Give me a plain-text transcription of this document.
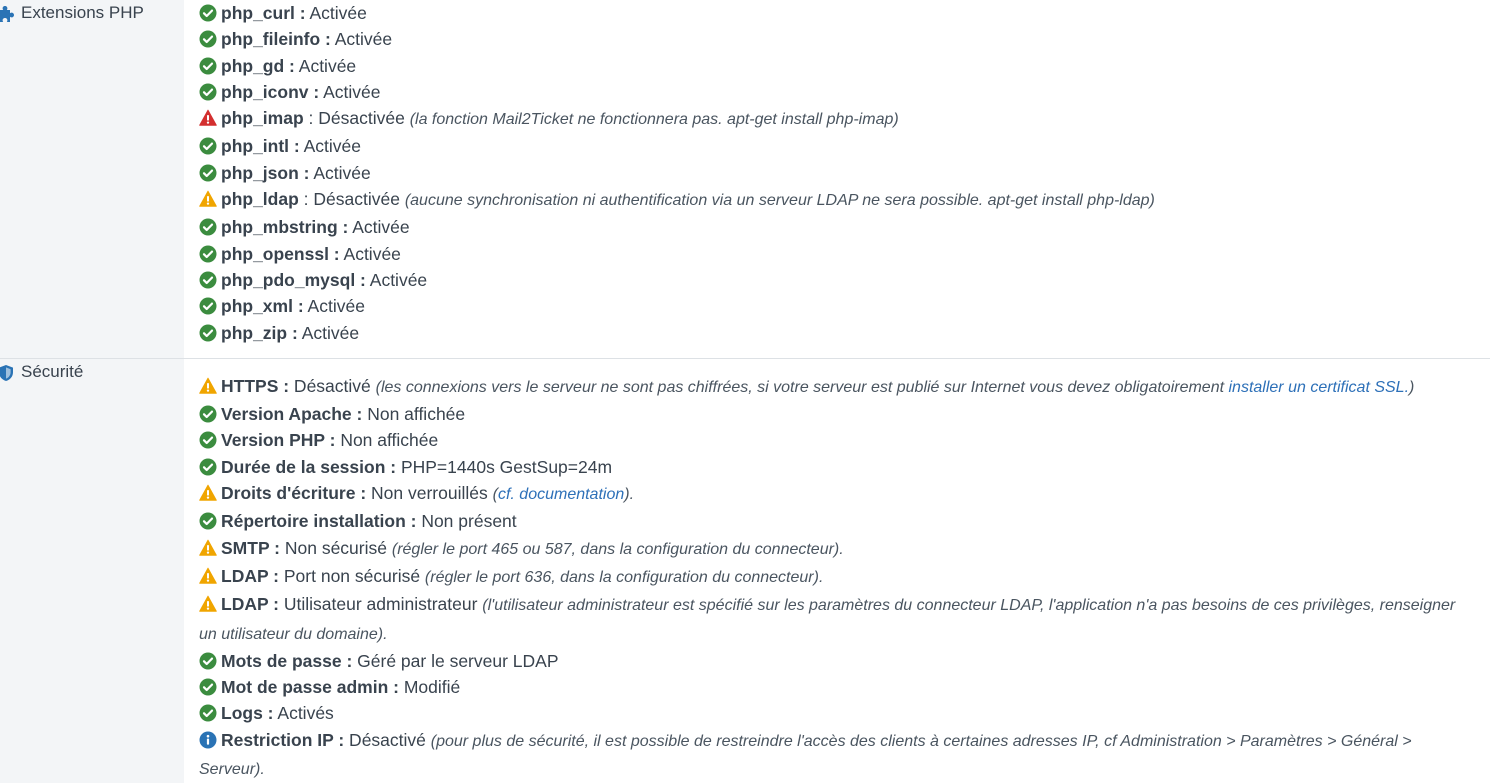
Extensions PHP	php_curl : Activée
php_fileinfo : Activée
php_gd : Activée
php_iconv : Activée
php_imap : Désactivée (la fonction Mail2Ticket ne fonctionnera pas. apt-get install php-imap)
php_intl : Activée
php_json : Activée
php_ldap : Désactivée (aucune synchronisation ni authentification via un serveur LDAP ne sera possible. apt-get install php-ldap)
php_mbstring : Activée
php_openssl : Activée
php_pdo_mysql : Activée
php_xml : Activée
php_zip : Activée
Sécurité
HTTPS : Désactivé (les connexions vers le serveur ne sont pas chiffrées, si votre serveur est publié sur Internet vous devez obligatoirement installer un certificat SSL.)
Version Apache : Non affichée
Version PHP : Non affichée
Durée de la session : PHP=1440s GestSup=24m
Droits d'écriture : Non verrouillés (cf. documentation).
Répertoire installation : Non présent
SMTP : Non sécurisé (régler le port 465 ou 587, dans la configuration du connecteur).
LDAP : Port non sécurisé (régler le port 636, dans la configuration du connecteur).
LDAP : Utilisateur administrateur (l'utilisateur administrateur est spécifié sur les paramètres du connecteur LDAP, l'application n'a pas besoins de ces privilèges, renseigner un utilisateur du domaine).
Mots de passe : Géré par le serveur LDAP
Mot de passe admin : Modifié
Logs : Activés
Restriction IP : Désactivé (pour plus de sécurité, il est possible de restreindre l'accès des clients à certaines adresses IP, cf Administration > Paramètres > Général > Serveur).
